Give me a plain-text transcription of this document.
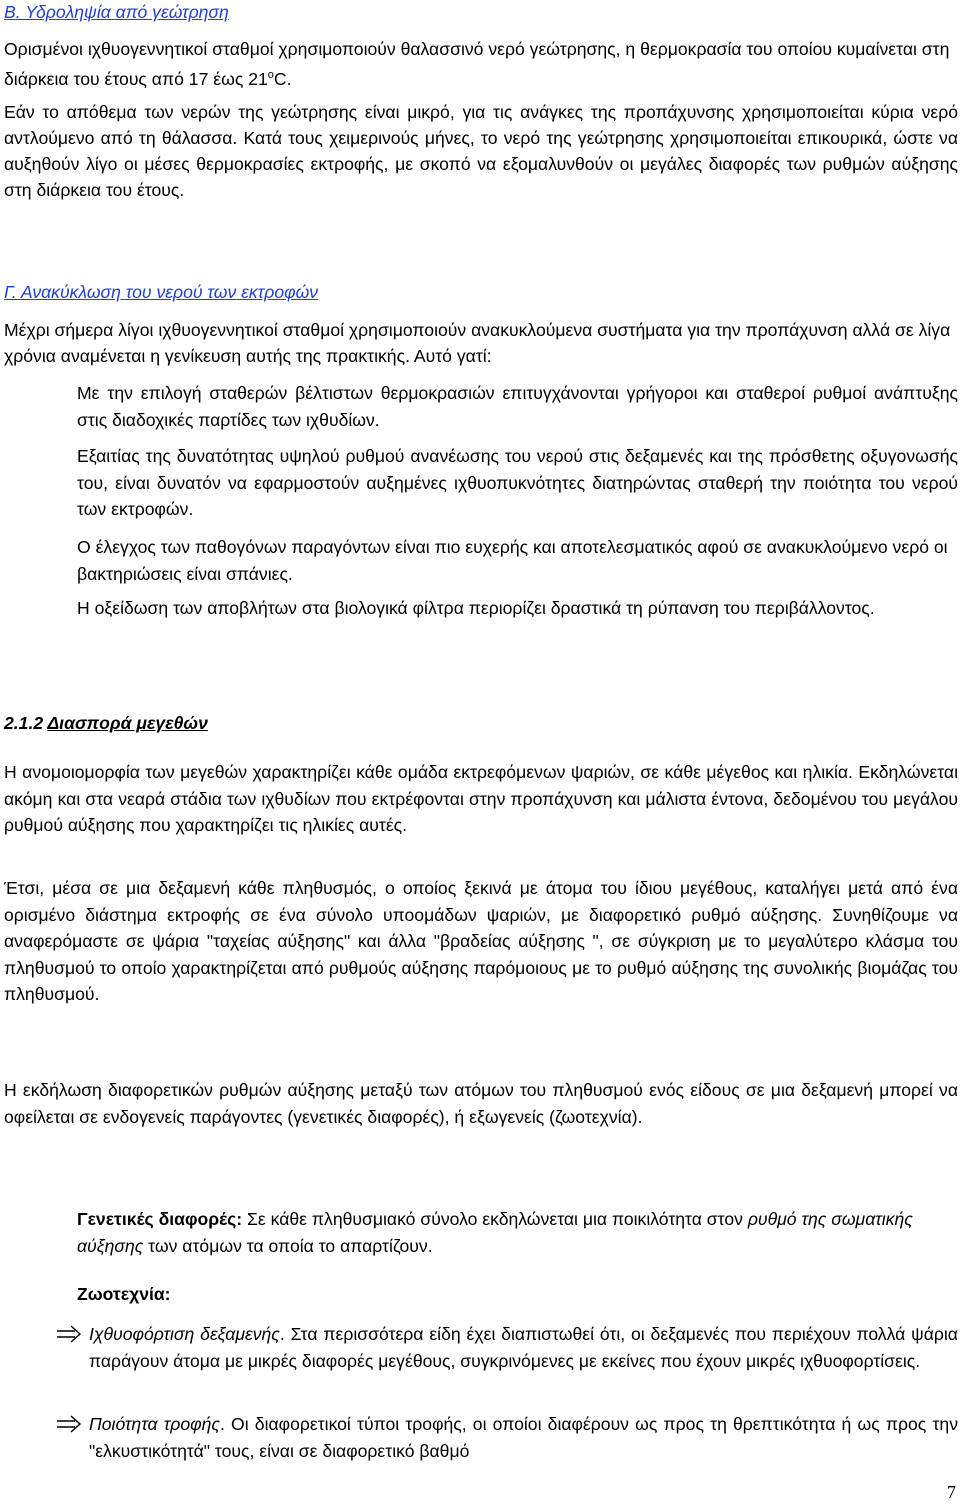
Β. Υδροληψία από γεώτρηση

Ορισμένοι ιχθυογεννητικοί σταθμοί χρησιμοποιούν θαλασσινό νερό γεώτρησης, η θερμοκρασία του οποίου κυμαίνεται στη διάρκεια του έτους από 17 έως $21^oC$.

Εάν το απόθεμα των νερών της γεώτρησης είναι μικρό, για τις ανάγκες της προπάχυνσης χρησιμοποιείται κύρια νερό αντλούμενο από τη θάλασσα. Κατά τους χειμερινούς μήνες, το νερό της γεώτρησης χρησιμοποιείται επικουρικά, ώστε να αυξηθούν λίγο οι μέσες θερμοκρασίες εκτροφής, με σκοπό να εξομαλυνθούν οι μεγάλες διαφορές των ρυθμών αύξησης στη διάρκεια του έτους.

Γ. Ανακύκλωση του νερού των εκτροφών

Μέχρι σήμερα λίγοι ιχθυογεννητικοί σταθμοί χρησιμοποιούν ανακυκλούμενα συστήματα για την προπάχυνση αλλά σε λίγα χρόνια αναμένεται η γενίκευση αυτής της πρακτικής. Αυτό γατί:

Με την επιλογή σταθερών βέλτιστων θερμοκρασιών επιτυγχάνονται γρήγοροι και σταθεροί ρυθμοί ανάπτυξης στις διαδοχικές παρτίδες των ιχθυδίων.

Εξαιτίας της δυνατότητας υψηλού ρυθμού ανανέωσης του νερού στις δεξαμενές και της πρόσθετης οξυγονωσής του, είναι δυνατόν να εφαρμοστούν αυξημένες ιχθυοπυκνότητες διατηρώντας σταθερή την ποιότητα του νερού των εκτροφών.

Ο έλεγχος των παθογόνων παραγόντων είναι πιο ευχερής και αποτελεσματικός αφού σε ανακυκλούμενο νερό οι βακτηριώσεις είναι σπάνιες.

Η οξείδωση των αποβλήτων στα βιολογικά φίλτρα περιορίζει δραστικά τη ρύπανση του περιβάλλοντος.

2.1.2 Διασπορά μεγεθών

Η ανομοιομορφία των μεγεθών χαρακτηρίζει κάθε ομάδα εκτρεφόμενων ψαριών, σε κάθε μέγεθος και ηλικία. Εκδηλώνεται ακόμη και στα νεαρά στάδια των ιχθυδίων που εκτρέφονται στην προπάχυνση και μάλιστα έντονα, δεδομένου του μεγάλου ρυθμού αύξησης που χαρακτηρίζει τις ηλικίες αυτές.

Έτσι, μέσα σε μια δεξαμενή κάθε πληθυσμός, ο οποίος ξεκινά με άτομα του ίδιου μεγέθους, καταλήγει μετά από ένα ορισμένο διάστημα εκτροφής σε ένα σύνολο υποομάδων ψαριών, με διαφορετικό ρυθμό αύξησης. Συνηθίζουμε να αναφερόμαστε σε ψάρια "ταχείας αύξησης" και άλλα "βραδείας αύξησης ", σε σύγκριση με το μεγαλύτερο κλάσμα του πληθυσμού το οποίο χαρακτηρίζεται από ρυθμούς αύξησης παρόμοιους με το ρυθμό αύξησης της συνολικής βιομάζας του πληθυσμού.

Η εκδήλωση διαφορετικών ρυθμών αύξησης μεταξύ των ατόμων του πληθυσμού ενός είδους σε μια δεξαμενή μπορεί να οφείλεται σε ενδογενείς παράγοντες (γενετικές διαφορές), ή εξωγενείς (ζωοτεχνία).

Γενετικές διαφορές: Σε κάθε πληθυσμιακό σύνολο εκδηλώνεται μια ποικιλότητα στον ρυθμό της σωματικής αύξησης των ατόμων τα οποία το απαρτίζουν.

Ζωοτεχνία:

Ιχθυοφόρτιση δεξαμενής. Στα περισσότερα είδη έχει διαπιστωθεί ότι, οι δεξαμενές που περιέχουν πολλά ψάρια παράγουν άτομα με μικρές διαφορές μεγέθους, συγκρινόμενες με εκείνες που έχουν μικρές ιχθυοφορτίσεις.
Ποιότητα τροφής. Οι διαφορετικοί τύποι τροφής, οι οποίοι διαφέρουν ως προς τη θρεπτικότητα ή ως προς την "ελκυστικότητά" τους, είναι σε διαφορετικό βαθμό
7
